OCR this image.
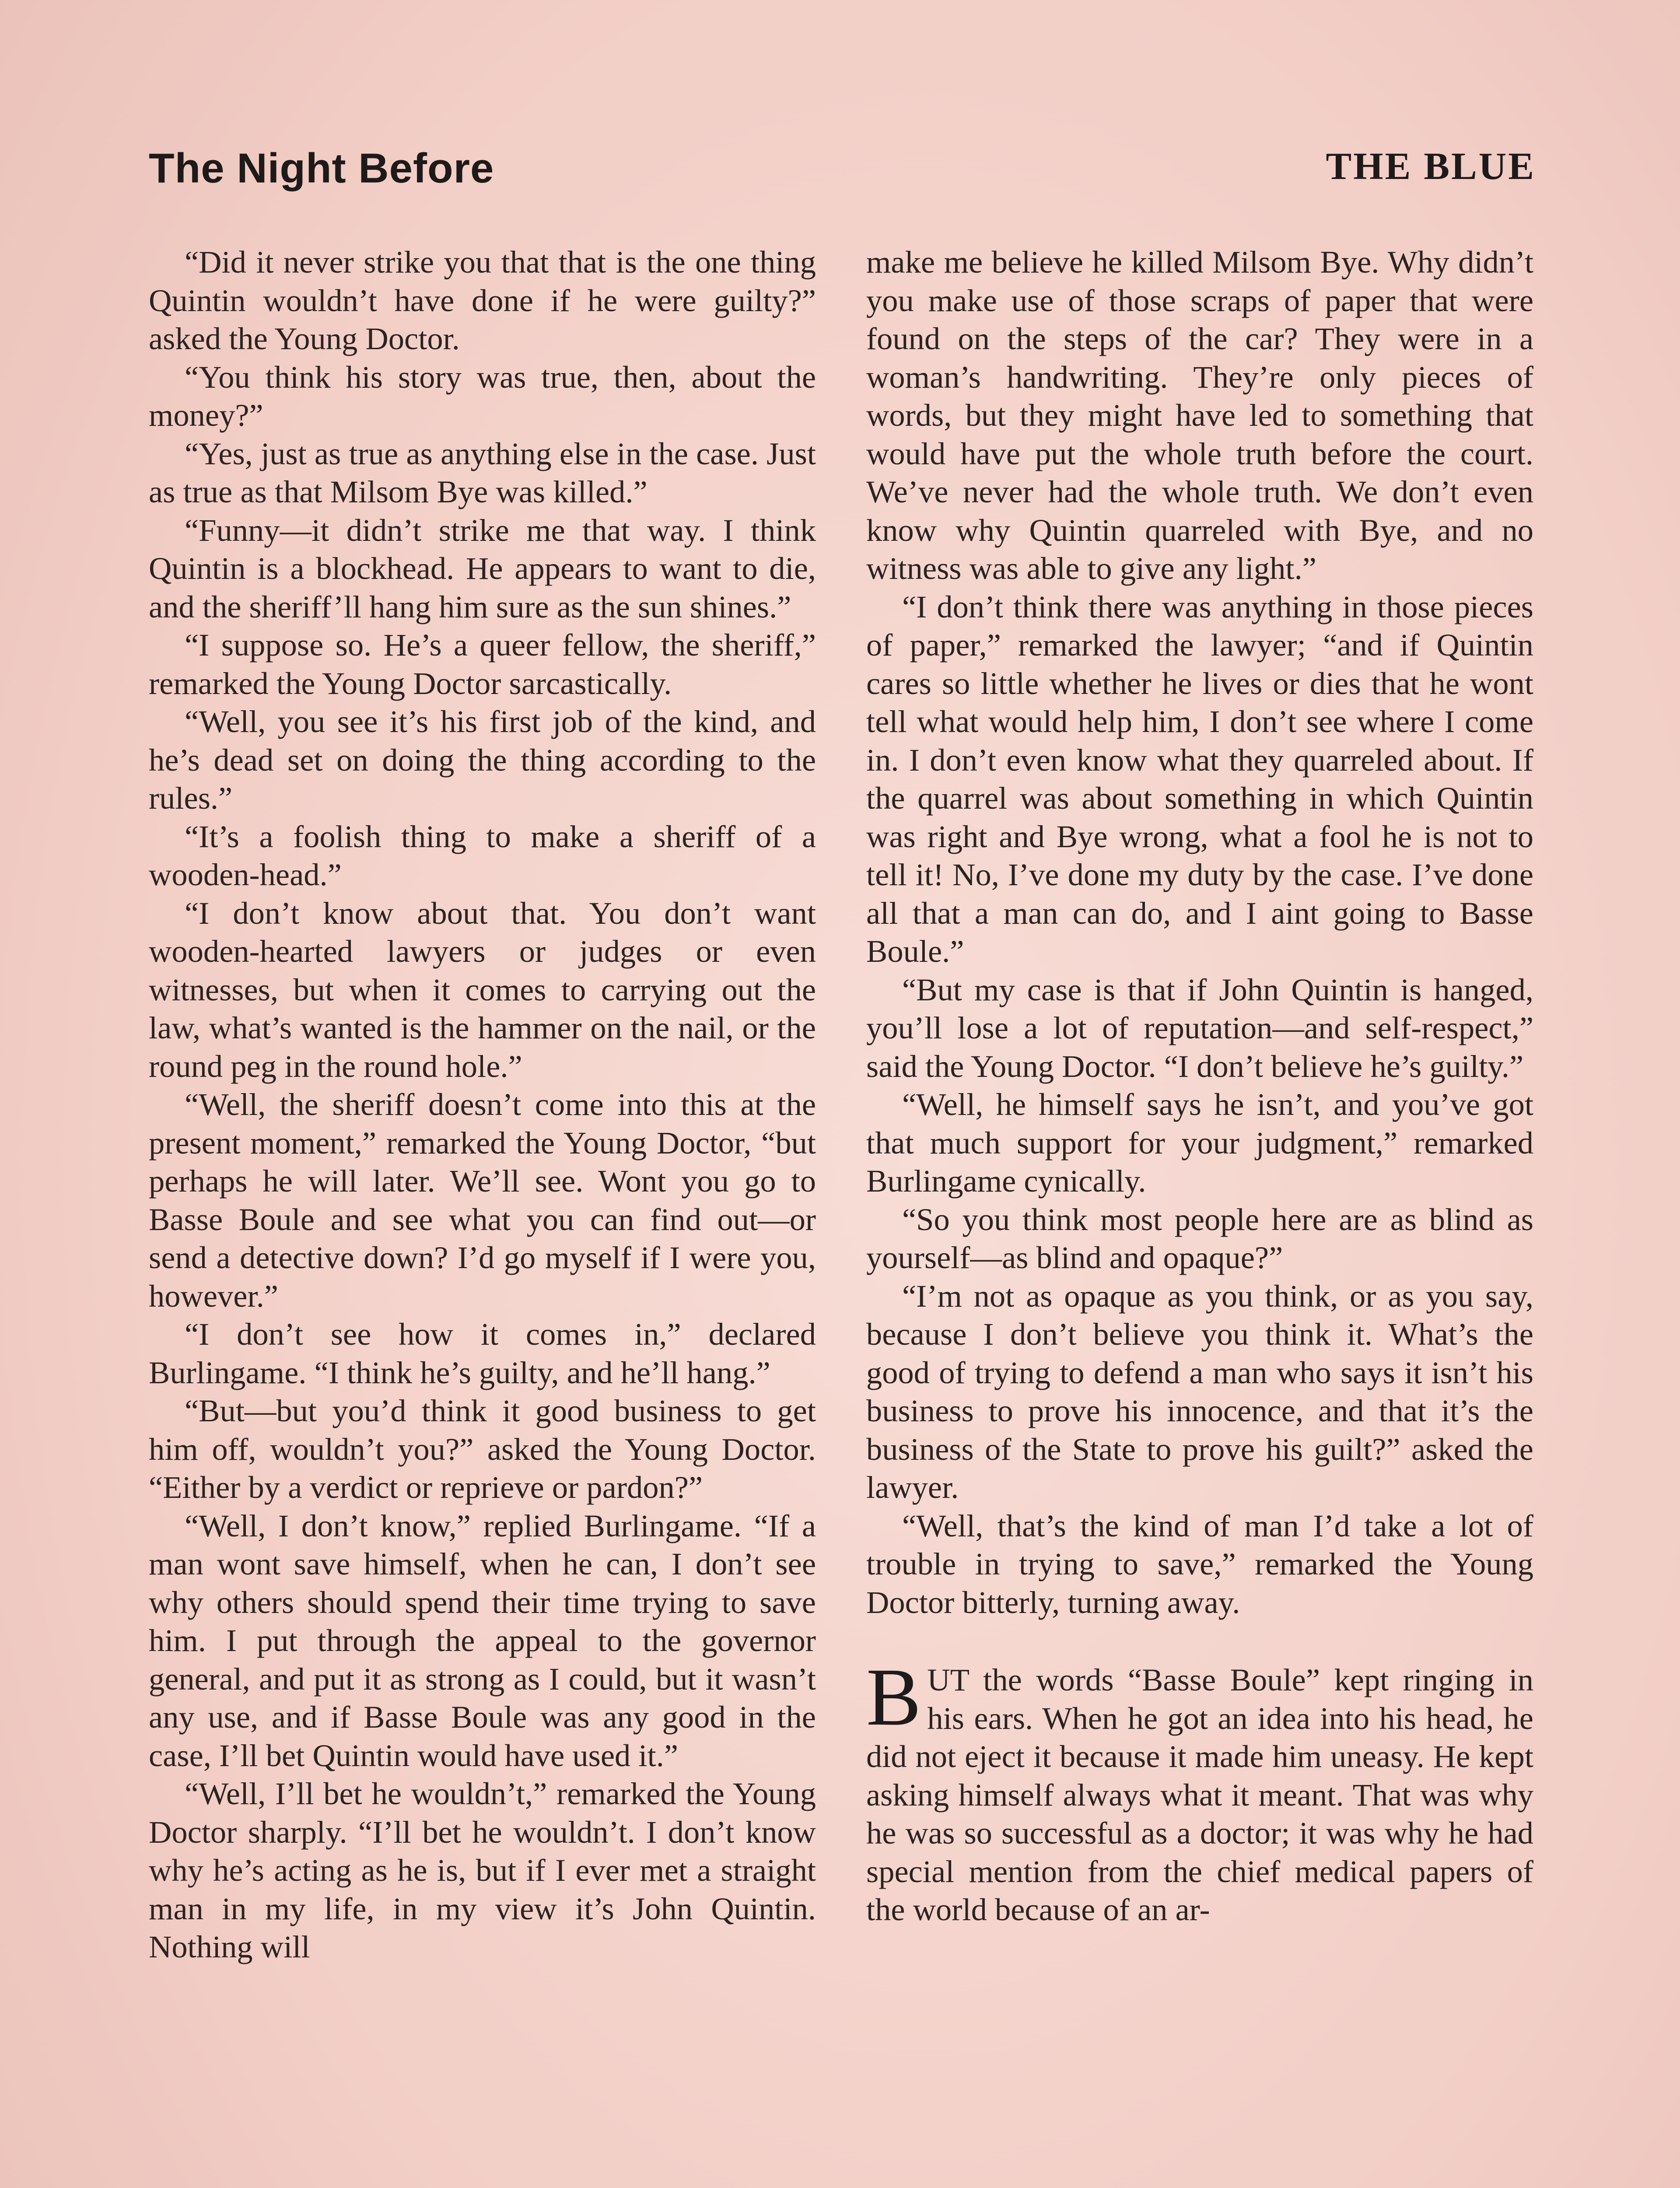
The Night Before	THE BLUE

“Did it never strike you that that is the one thing Quintin wouldn’t have done if he were guilty?” asked the Young Doctor.

“You think his story was true, then, about the money?”

“Yes, just as true as anything else in the case. Just as true as that Milsom Bye was killed.”

“Funny—it didn’t strike me that way. I think Quintin is a blockhead. He appears to want to die, and the sheriff’ll hang him sure as the sun shines.”

“I suppose so. He’s a queer fellow, the sheriff,” remarked the Young Doctor sarcastically.

“Well, you see it’s his first job of the kind, and he’s dead set on doing the thing according to the rules.”

“It’s a foolish thing to make a sheriff of a wooden-head.”

“I don’t know about that. You don’t want wooden-hearted lawyers or judges or even witnesses, but when it comes to carrying out the law, what’s wanted is the hammer on the nail, or the round peg in the round hole.”

“Well, the sheriff doesn’t come into this at the present moment,” remarked the Young Doctor, “but perhaps he will later. We’ll see. Wont you go to Basse Boule and see what you can find out—or send a detective down? I’d go myself if I were you, however.”

“I don’t see how it comes in,” declared Burlingame. “I think he’s guilty, and he’ll hang.”

“But—but you’d think it good business to get him off, wouldn’t you?” asked the Young Doctor. “Either by a verdict or reprieve or pardon?”

“Well, I don’t know,” replied Burlingame. “If a man wont save himself, when he can, I don’t see why others should spend their time trying to save him. I put through the appeal to the governor general, and put it as strong as I could, but it wasn’t any use, and if Basse Boule was any good in the case, I’ll bet Quintin would have used it.”

“Well, I’ll bet he wouldn’t,” remarked the Young Doctor sharply. “I’ll bet he wouldn’t. I don’t know why he’s acting as he is, but if I ever met a straight man in my life, in my view it’s John Quintin. Nothing will

make me believe he killed Milsom Bye. Why didn’t you make use of those scraps of paper that were found on the steps of the car? They were in a woman’s handwriting. They’re only pieces of words, but they might have led to something that would have put the whole truth before the court. We’ve never had the whole truth. We don’t even know why Quintin quarreled with Bye, and no witness was able to give any light.”

“I don’t think there was anything in those pieces of paper,” remarked the lawyer; “and if Quintin cares so little whether he lives or dies that he wont tell what would help him, I don’t see where I come in. I don’t even know what they quarreled about. If the quarrel was about something in which Quintin was right and Bye wrong, what a fool he is not to tell it! No, I’ve done my duty by the case. I’ve done all that a man can do, and I aint going to Basse Boule.”

“But my case is that if John Quintin is hanged, you’ll lose a lot of reputation—and self-respect,” said the Young Doctor. “I don’t believe he’s guilty.”

“Well, he himself says he isn’t, and you’ve got that much support for your judgment,” remarked Burlingame cynically.

“So you think most people here are as blind as yourself—as blind and opaque?”

“I’m not as opaque as you think, or as you say, because I don’t believe you think it. What’s the good of trying to defend a man who says it isn’t his business to prove his innocence, and that it’s the business of the State to prove his guilt?” asked the lawyer.

“Well, that’s the kind of man I’d take a lot of trouble in trying to save,” remarked the Young Doctor bitterly, turning away.

BUT the words “Basse Boule” kept ringing in his ears. When he got an idea into his head, he did not eject it because it made him uneasy. He kept asking himself always what it meant. That was why he was so successful as a doctor; it was why he had special mention from the chief medical papers of the world because of an ar-
